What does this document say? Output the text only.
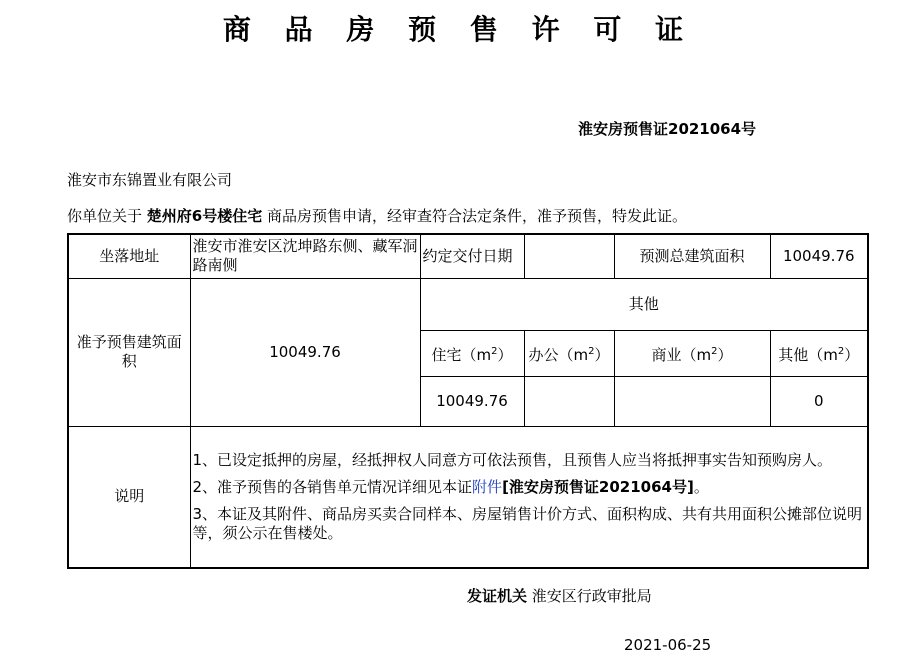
商 品 房 预 售 许 可 证
淮安房预售证2021064号
淮安市东锦置业有限公司
你单位关于 楚州府6号楼住宅 商品房预售申请，经审查符合法定条件，准予预售，特发此证。
坐落地址	淮安市淮安区沈坤路东侧、藏军洞路南侧	约定交付日期		预测总建筑面积	10049.76
准予预售建筑面积	10049.76	其他			
		住宅$(m^2)$	办公$(m^2)$	商业$(m^2)$	其他$(m^2)$
		10049.76			0
说明	1、已设定抵押的房屋，经抵押权人同意方可依法预售，且预售人应当将抵押事实告知预购房人。

2、准予预售的各销售单元情况详细见本证附件[淮安房预售证2021064号]。

3、本证及其附件、商品房买卖合同样本、房屋销售计价方式、面积构成、共有共用面积公摊部位说明等，须公示在售楼处。				

发证机关 淮安区行政审批局
2021-06-25
